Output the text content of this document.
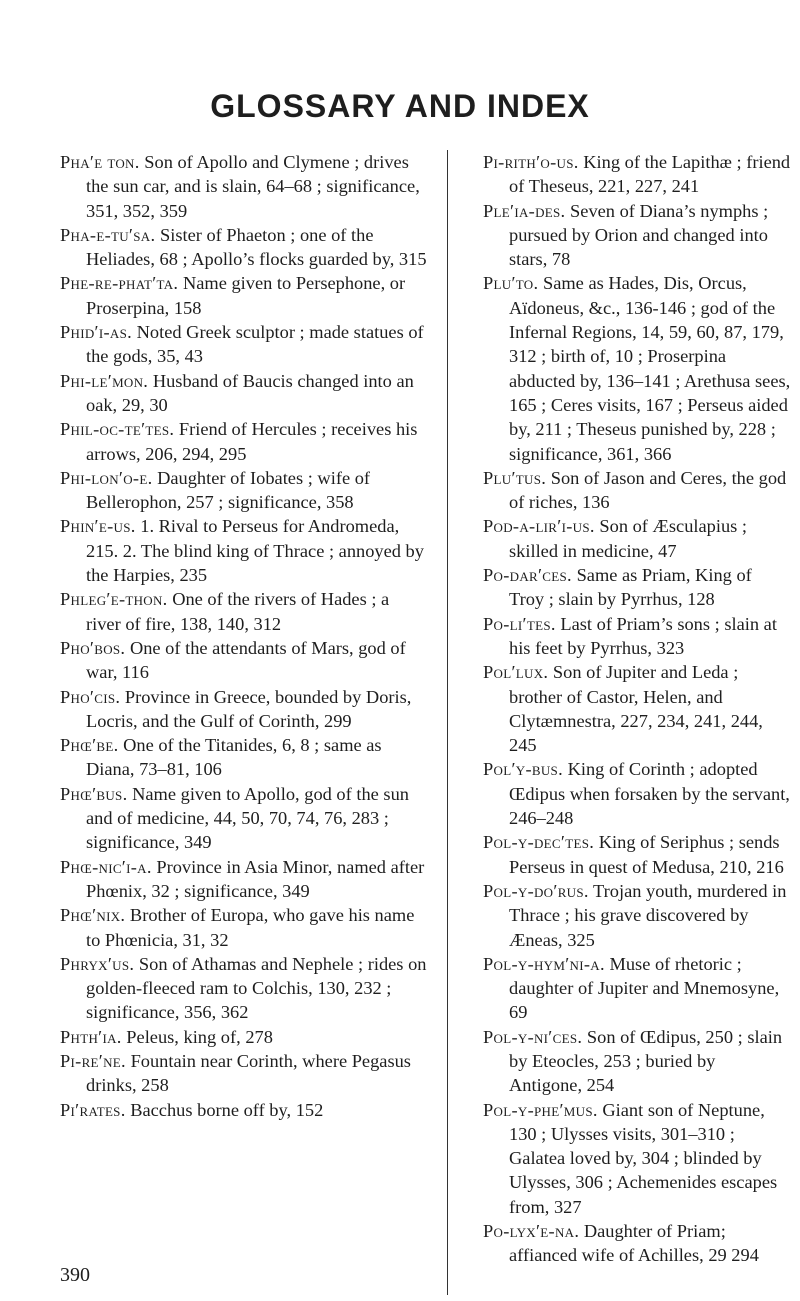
GLOSSARY AND INDEX

Pha′e ton. Son of Apollo and Clymene ; drives the sun car, and is slain, 64–68 ; significance, 351, 352, 359

Pha-e-tu′sa. Sister of Phaeton ; one of the Heliades, 68 ; Apollo’s flocks guarded by, 315

Phe-re-phat′ta. Name given to Persephone, or Proserpina, 158

Phid′i-as. Noted Greek sculptor ; made statues of the gods, 35, 43

Phi-le′mon. Husband of Baucis changed into an oak, 29, 30

Phil-oc-te′tes. Friend of Hercules ; receives his arrows, 206, 294, 295

Phi-lon′o-e. Daughter of Iobates ; wife of Bellerophon, 257 ; significance, 358

Phin′e-us. 1. Rival to Perseus for Andromeda, 215. 2. The blind king of Thrace ; annoyed by the Harpies, 235

Phleg′e-thon. One of the rivers of Hades ; a river of fire, 138, 140, 312

Pho′bos. One of the attendants of Mars, god of war, 116

Pho′cis. Province in Greece, bounded by Doris, Locris, and the Gulf of Corinth, 299

Phœ′be. One of the Titanides, 6, 8 ; same as Diana, 73–81, 106

Phœ′bus. Name given to Apollo, god of the sun and of medicine, 44, 50, 70, 74, 76, 283 ; significance, 349

Phœ-nic′i-a. Province in Asia Minor, named after Phœnix, 32 ; significance, 349

Phœ′nix. Brother of Europa, who gave his name to Phœnicia, 31, 32

Phryx′us. Son of Athamas and Nephele ; rides on golden-fleeced ram to Colchis, 130, 232 ; significance, 356, 362

Phth′ia. Peleus, king of, 278

Pi-re′ne. Fountain near Corinth, where Pegasus drinks, 258

Pi′rates. Bacchus borne off by, 152

Pi-rith′o-us. King of the Lapithæ ; friend of Theseus, 221, 227, 241

Ple′ia-des. Seven of Diana’s nymphs ; pursued by Orion and changed into stars, 78

Plu′to. Same as Hades, Dis, Orcus, Aïdoneus, &c., 136-146 ; god of the Infernal Regions, 14, 59, 60, 87, 179, 312 ; birth of, 10 ; Proserpina abducted by, 136–141 ; Arethusa sees, 165 ; Ceres visits, 167 ; Perseus aided by, 211 ; Theseus punished by, 228 ; significance, 361, 366

Plu′tus. Son of Jason and Ceres, the god of riches, 136

Pod-a-lir′i-us. Son of Æsculapius ; skilled in medicine, 47

Po-dar′ces. Same as Priam, King of Troy ; slain by Pyrrhus, 128

Po-li′tes. Last of Priam’s sons ; slain at his feet by Pyrrhus, 323

Pol′lux. Son of Jupiter and Leda ; brother of Castor, Helen, and Clytæmnestra, 227, 234, 241, 244, 245

Pol′y-bus. King of Corinth ; adopted Œdipus when forsaken by the servant, 246–248

Pol-y-dec′tes. King of Seriphus ; sends Perseus in quest of Medusa, 210, 216

Pol-y-do′rus. Trojan youth, murdered in Thrace ; his grave discovered by Æneas, 325

Pol-y-hym′ni-a. Muse of rhetoric ; daughter of Jupiter and Mnemosyne, 69

Pol-y-ni′ces. Son of Œdipus, 250 ; slain by Eteocles, 253 ; buried by Antigone, 254

Pol-y-phe′mus. Giant son of Neptune, 130 ; Ulysses visits, 301–310 ; Galatea loved by, 304 ; blinded by Ulysses, 306 ; Achemenides escapes from, 327

Po-lyx′e-na. Daughter of Priam; affianced wife of Achilles, 29 294

390
